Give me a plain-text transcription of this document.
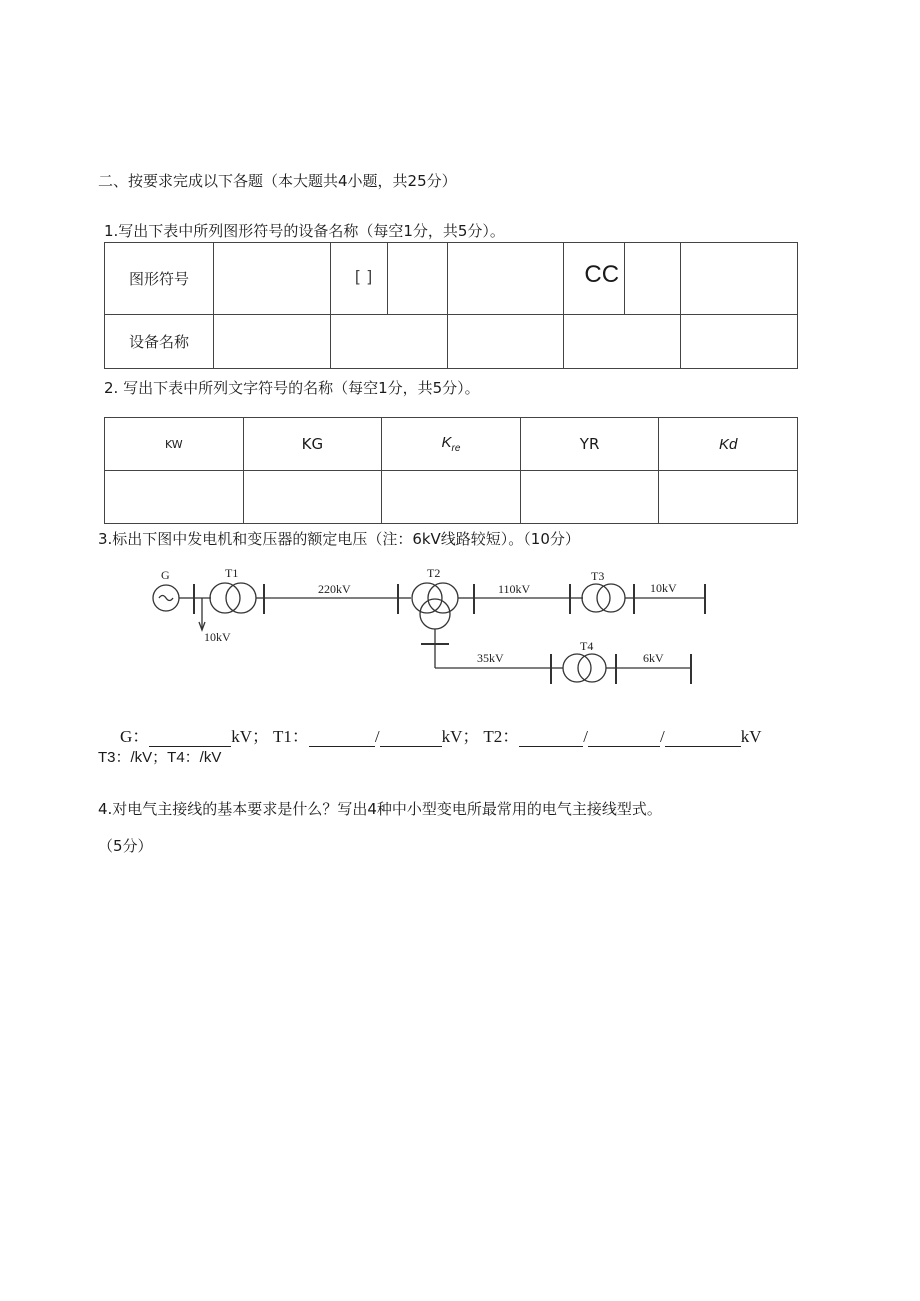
二、按要求完成以下各题（本大题共4小题，共25分）
1.写出下表中所列图形符号的设备名称（每空1分，共5分）。
图形符号		[ ]		CC	

设备名称					
2. 写出下表中所列文字符号的名称（每空1分，共5分）。
KW	KG	$K_{re}$	YR	Kd

3.标出下图中发电机和变压器的额定电压（注：6kV线路较短）。（10分）
G	T1
220kV
T2
110kV
T3
10kV
10kV
35kV
T4
6kV
G：	kV； T1：	/	kV； T2：	/	/	kV
T3：/kV；T4：/kV
4.对电气主接线的基本要求是什么？写出4种中小型变电所最常用的电气主接线型式。
（5分）
